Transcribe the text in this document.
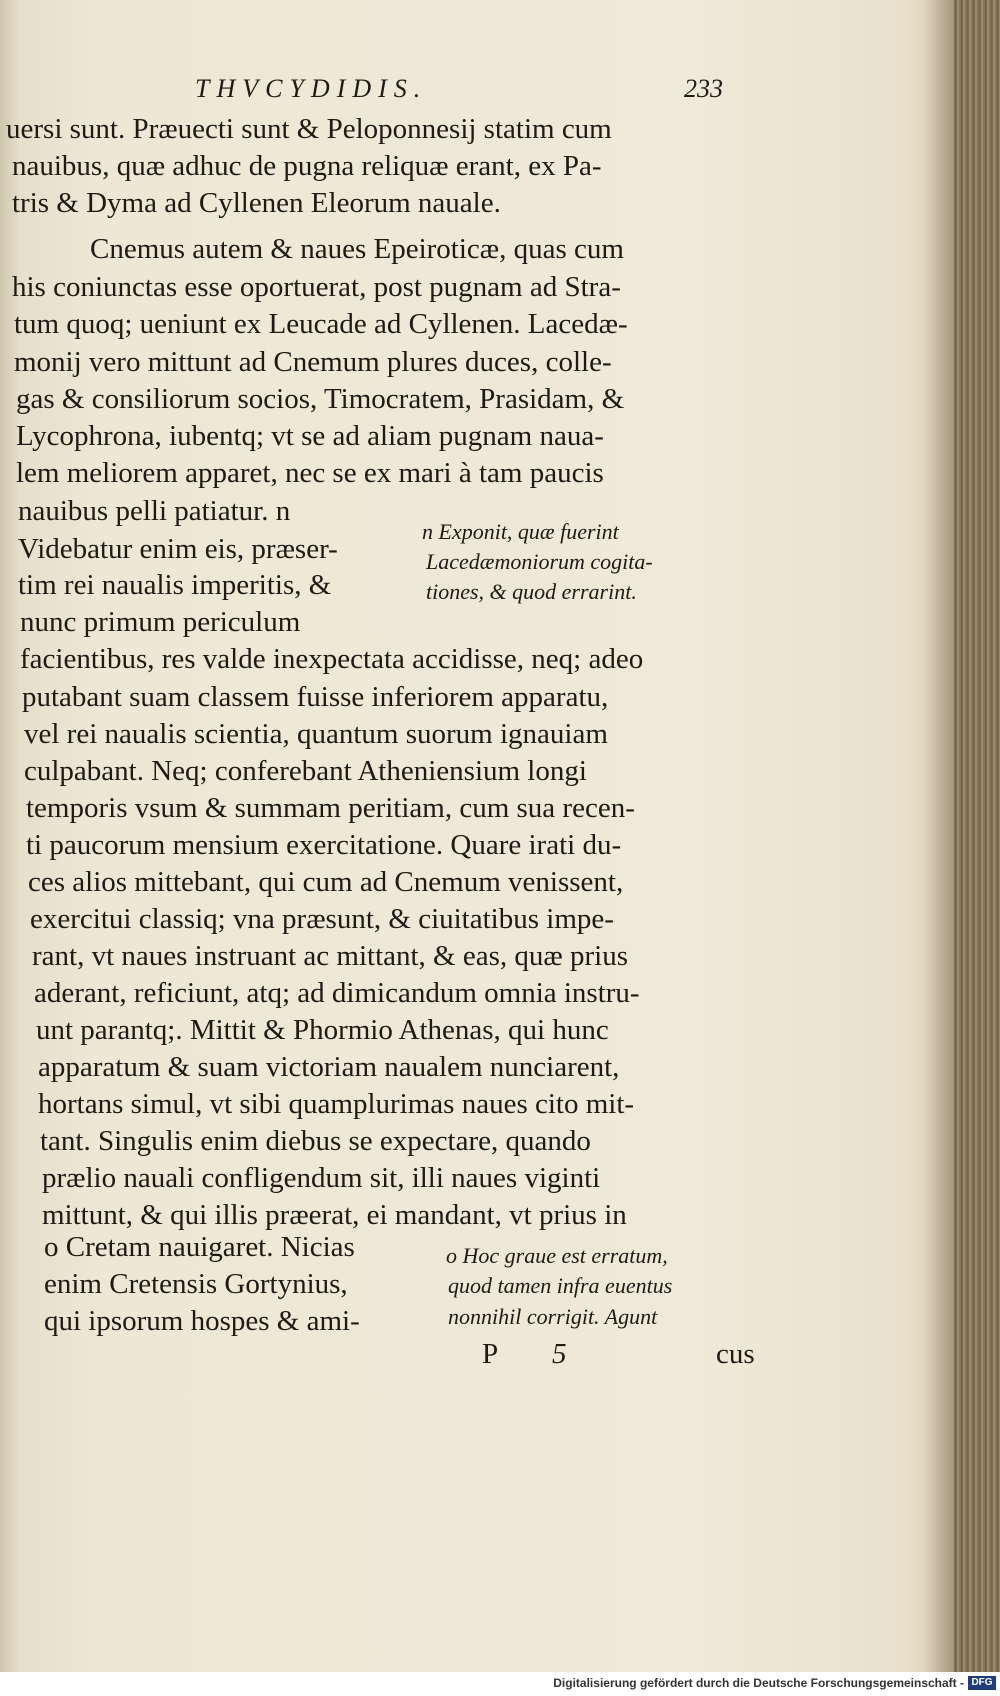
THVCYDIDIS.	233
uersi sunt. Præuecti sunt & Peloponnesij statim cum
nauibus, quæ adhuc de pugna reliquæ erant, ex Pa-
tris & Dyma ad Cyllenen Eleorum nauale.
Cnemus autem & naues Epeiroticæ, quas cum
his coniunctas esse oportuerat, post pugnam ad Stra-
tum quoq; ueniunt ex Leucade ad Cyllenen. Lacedæ-
monij vero mittunt ad Cnemum plures duces, colle-
gas & consiliorum socios, Timocratem, Prasidam, &
Lycophrona, iubentq; vt se ad aliam pugnam naua-
lem meliorem apparet, nec se ex mari à tam paucis
nauibus pelli patiatur. n
Videbatur enim eis, præser-
tim rei naualis imperitis, &
nunc primum periculum
facientibus, res valde inexpectata accidisse, neq; adeo
putabant suam classem fuisse inferiorem apparatu,
vel rei naualis scientia, quantum suorum ignauiam
culpabant. Neq; conferebant Atheniensium longi
temporis vsum & summam peritiam, cum sua recen-
ti paucorum mensium exercitatione. Quare irati du-
ces alios mittebant, qui cum ad Cnemum venissent,
exercitui classiq; vna præsunt, & ciuitatibus impe-
rant, vt naues instruant ac mittant, & eas, quæ prius
aderant, reficiunt, atq; ad dimicandum omnia instru-
unt parantq;. Mittit & Phormio Athenas, qui hunc
apparatum & suam victoriam naualem nunciarent,
hortans simul, vt sibi quamplurimas naues cito mit-
tant. Singulis enim diebus se expectare, quando
prælio nauali confligendum sit, illi naues viginti
mittunt, & qui illis præerat, ei mandant, vt prius in
o Cretam nauigaret. Nicias
enim Cretensis Gortynius,
qui ipsorum hospes & ami-
n Exponit, quæ fuerint
Lacedæmoniorum cogita-
tiones, & quod errarint.
o Hoc graue est erratum,
quod tamen infra euentus
nonnihil corrigit. Agunt
P 5	cus
Digitalisierung gefördert durch die Deutsche Forschungsgemeinschaft - DFG
